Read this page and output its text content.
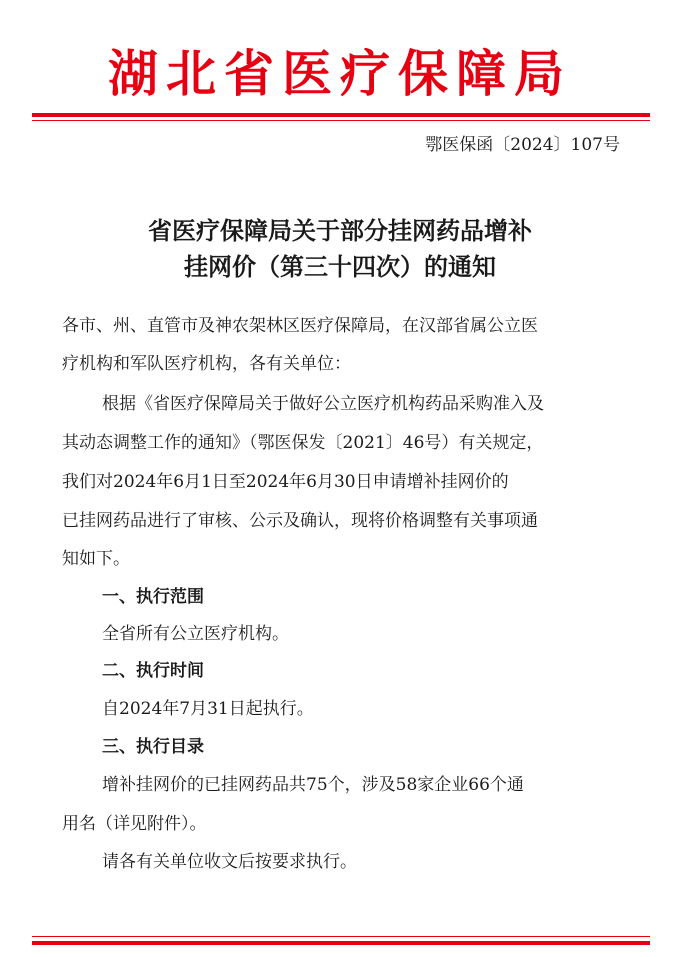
湖北省医疗保障局
鄂医保函〔2024〕107号
省医疗保障局关于部分挂网药品增补
挂网价（第三十四次）的通知
各市、州、直管市及神农架林区医疗保障局，在汉部省属公立医
疗机构和军队医疗机构，各有关单位：
根据《省医疗保障局关于做好公立医疗机构药品采购准入及
其动态调整工作的通知》（鄂医保发〔2021〕46号）有关规定，
我们对2024年6月1日至2024年6月30日申请增补挂网价的
已挂网药品进行了审核、公示及确认，现将价格调整有关事项通
知如下。
一、执行范围
全省所有公立医疗机构。
二、执行时间
自2024年7月31日起执行。
三、执行目录
增补挂网价的已挂网药品共75个，涉及58家企业66个通
用名（详见附件）。
请各有关单位收文后按要求执行。
